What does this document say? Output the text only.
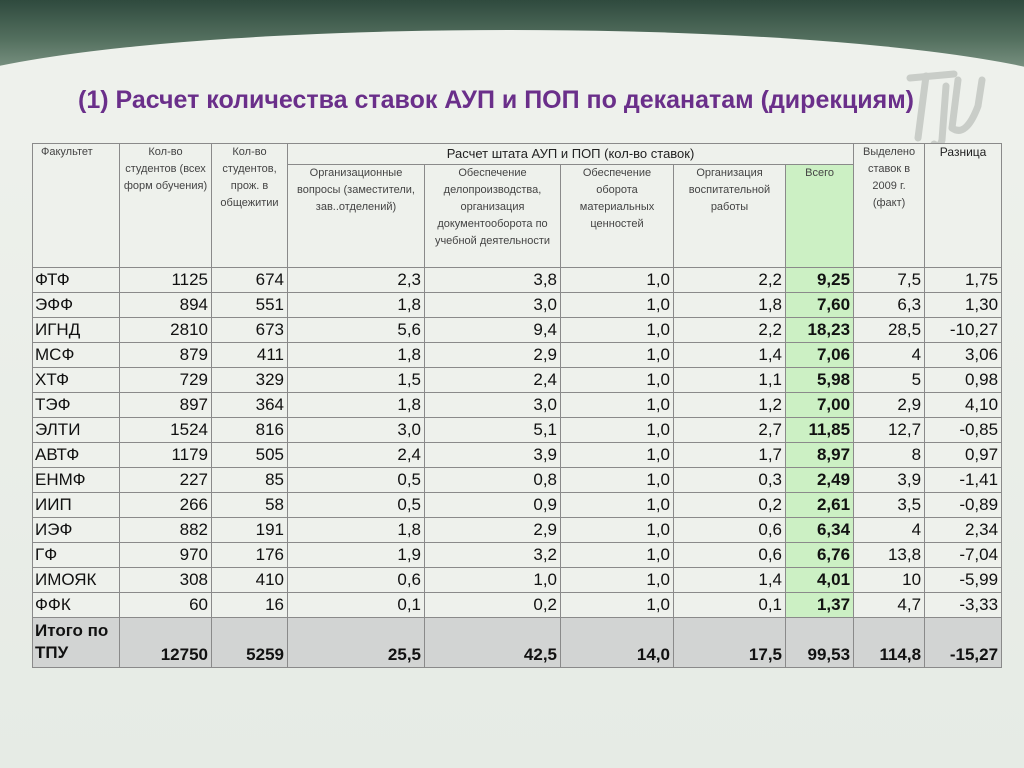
(1) Расчет количества ставок АУП и ПОП по деканатам (дирекциям)
Факультет	Кол-во студентов (всех форм обучения)	Кол-во студентов, прож. в общежитии	Расчет штата АУП и ПОП (кол-во ставок)					Выделено ставок в 2009 г. (факт)	Разница
			Организационные вопросы (заместители, зав..отделений)	Обеспечение делопроизводства, организация документооборота по учебной деятельности	Обеспечение оборота материальных ценностей	Организация воспитательной работы	Всего		
ФТФ	1125	674	2,3	3,8	1,0	2,2	9,25	7,5	1,75
ЭФФ	894	551	1,8	3,0	1,0	1,8	7,60	6,3	1,30
ИГНД	2810	673	5,6	9,4	1,0	2,2	18,23	28,5	-10,27
МСФ	879	411	1,8	2,9	1,0	1,4	7,06	4	3,06
ХТФ	729	329	1,5	2,4	1,0	1,1	5,98	5	0,98
ТЭФ	897	364	1,8	3,0	1,0	1,2	7,00	2,9	4,10
ЭЛТИ	1524	816	3,0	5,1	1,0	2,7	11,85	12,7	-0,85
АВТФ	1179	505	2,4	3,9	1,0	1,7	8,97	8	0,97
ЕНМФ	227	85	0,5	0,8	1,0	0,3	2,49	3,9	-1,41
ИИП	266	58	0,5	0,9	1,0	0,2	2,61	3,5	-0,89
ИЭФ	882	191	1,8	2,9	1,0	0,6	6,34	4	2,34
ГФ	970	176	1,9	3,2	1,0	0,6	6,76	13,8	-7,04
ИМОЯК	308	410	0,6	1,0	1,0	1,4	4,01	10	-5,99
ФФК	60	16	0,1	0,2	1,0	0,1	1,37	4,7	-3,33
Итого по ТПУ	12750	5259	25,5	42,5	14,0	17,5	99,53	114,8	-15,27
